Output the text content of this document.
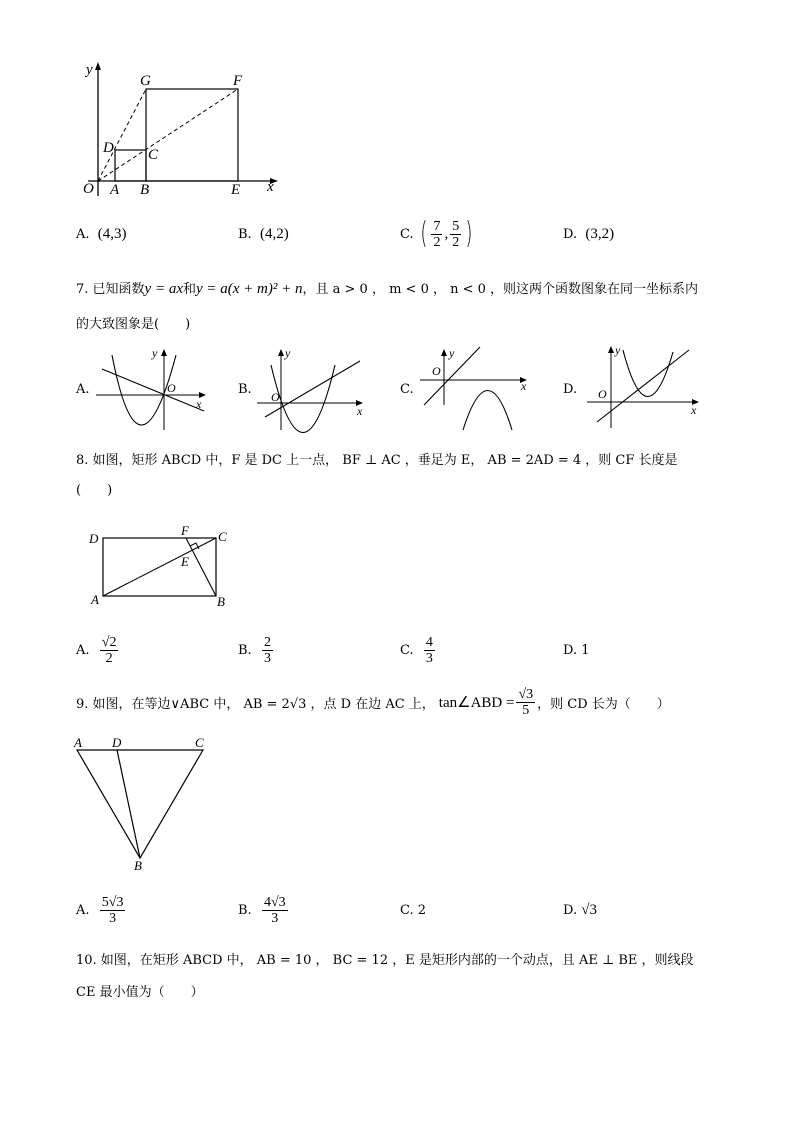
y
x
O A B	E
G	F
D C
A.
(4,3)	B.
(4,2)	C.
( $\frac{7}{2}$ , $\frac{5}{2}$ )	D.
(3,2)
7. 已知函数y = ax和y = a(x + m)² + n，且 a > 0 ， m < 0 ， n < 0 ，则这两个函数图象在同一坐标系内
的大致图象是(　　)
A.
y
O
x
B.
y
O
x
C.
y
O
x	D.
y
O
x
8. 如图，矩形 ABCD 中，F 是 DC 上一点， BF ⊥ AC ，垂足为 E， AB = 2AD = 4 ，则 CF 长度是
(　　)
D
A	B
C
F
E
A.
$\frac{√2}{2}$	B.
$\frac{2}{3}$	C.
$\frac{4}{3}$	D.
1
9. 如图，在等边∨ABC 中， AB = 2√3 ，点 D 在边 AC 上， tan∠ABD = $\frac{√3}{5}$ ，则 CD 长为（　　）
A D	C
B
A.
$\frac{5√3}{3}$	B.
$\frac{4√3}{3}$	C.
2	D.
√3
10. 如图，在矩形 ABCD 中， AB = 10 ， BC = 12 ，E 是矩形内部的一个动点，且 AE ⊥ BE ，则线段
CE 最小值为（　　）
